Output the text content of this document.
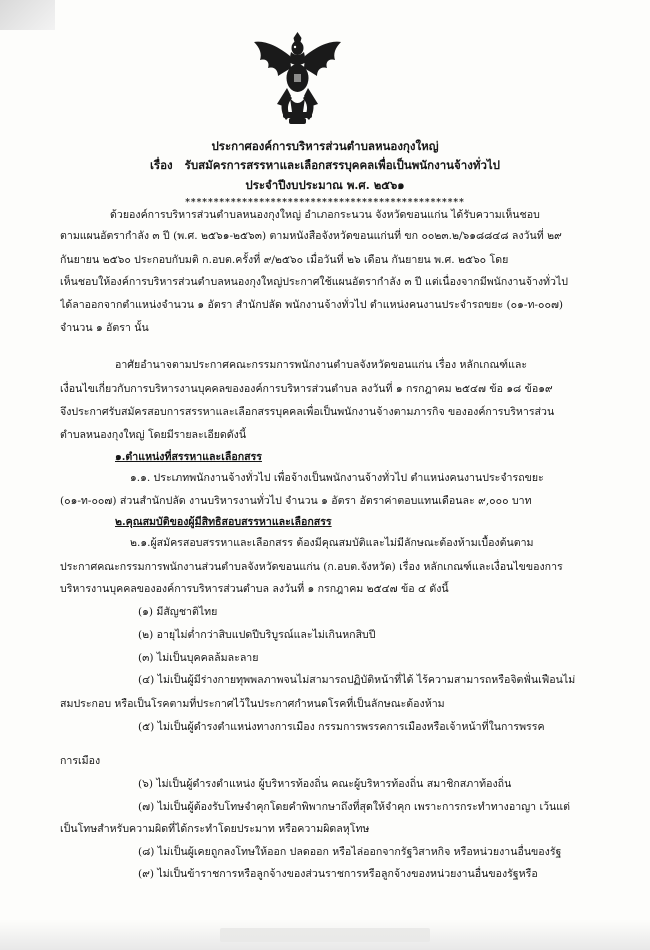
ประกาศองค์การบริหารส่วนตำบลหนองกุงใหญ่
เรื่อง รับสมัครการสรรหาและเลือกสรรบุคคลเพื่อเป็นพนักงานจ้างทั่วไป
ประจำปีงบประมาณ พ.ศ. ๒๕๖๑
*************************************************
ด้วยองค์การบริหารส่วนตำบลหนองกุงใหญ่ อำเภอกระนวน จังหวัดขอนแก่น ได้รับความเห็นชอบ
ตามแผนอัตรากำลัง ๓ ปี (พ.ศ. ๒๕๖๑-๒๕๖๓) ตามหนังสือจังหวัดขอนแก่นที่ ขก ๐๐๒๓.๒/๖๑๘๘๔๘ ลงวันที่ ๒๙
กันยายน ๒๕๖๐ ประกอบกับมติ ก.อบต.ครั้งที่ ๙/๒๕๖๐ เมื่อวันที่ ๒๖ เดือน กันยายน พ.ศ. ๒๕๖๐ โดย
เห็นชอบให้องค์การบริหารส่วนตำบลหนองกุงใหญ่ประกาศใช้แผนอัตรากำลัง ๓ ปี แต่เนื่องจากมีพนักงานจ้างทั่วไป
ได้ลาออกจากตำแหน่งจำนวน ๑ อัตรา สำนักปลัด พนักงานจ้างทั่วไป ตำแหน่งคนงานประจำรถขยะ (๐๑-ท-๐๐๗)
จำนวน ๑ อัตรา นั้น
อาศัยอำนาจตามประกาศคณะกรรมการพนักงานตำบลจังหวัดขอนแก่น เรื่อง หลักเกณฑ์และ
เงื่อนไขเกี่ยวกับการบริหารงานบุคคลขององค์การบริหารส่วนตำบล ลงวันที่ ๑ กรกฎาคม ๒๕๔๗ ข้อ ๑๘ ข้อ๑๙
จึงประกาศรับสมัครสอบการสรรหาและเลือกสรรบุคคลเพื่อเป็นพนักงานจ้างตามภารกิจ ขององค์การบริหารส่วน
ตำบลหนองกุงใหญ่ โดยมีรายละเอียดดังนี้
๑.ตำแหน่งที่สรรหาและเลือกสรร
๑.๑. ประเภทพนักงานจ้างทั่วไป เพื่อจ้างเป็นพนักงานจ้างทั่วไป ตำแหน่งคนงานประจำรถขยะ
(๐๑-ท-๐๐๗) ส่วนสำนักปลัด งานบริหารงานทั่วไป จำนวน ๑ อัตรา อัตราค่าตอบแทนเดือนละ ๙,๐๐๐ บาท
๒.คุณสมบัติของผู้มีสิทธิสอบสรรหาและเลือกสรร
๒.๑.ผู้สมัครสอบสรรหาและเลือกสรร ต้องมีคุณสมบัติและไม่มีลักษณะต้องห้ามเบื้องต้นตาม
ประกาศคณะกรรมการพนักงานส่วนตำบลจังหวัดขอนแก่น (ก.อบต.จังหวัด) เรื่อง หลักเกณฑ์และเงื่อนไขของการ
บริหารงานบุคคลขององค์การบริหารส่วนตำบล ลงวันที่ ๑ กรกฎาคม ๒๕๔๗ ข้อ ๔ ดังนี้
(๑) มีสัญชาติไทย
(๒) อายุไม่ต่ำกว่าสิบแปดปีบริบูรณ์และไม่เกินหกสิบปี
(๓) ไม่เป็นบุคคลล้มละลาย
(๔) ไม่เป็นผู้มีร่างกายทุพพลภาพจนไม่สามารถปฏิบัติหน้าที่ได้ ไร้ความสามารถหรือจิตฟั่นเฟือนไม่
สมประกอบ หรือเป็นโรคตามที่ประกาศไว้ในประกาศกำหนดโรคที่เป็นลักษณะต้องห้าม
(๕) ไม่เป็นผู้ดำรงตำแหน่งทางการเมือง กรรมการพรรคการเมืองหรือเจ้าหน้าที่ในการพรรค
การเมือง
(๖) ไม่เป็นผู้ดำรงตำแหน่ง ผู้บริหารท้องถิ่น คณะผู้บริหารท้องถิ่น สมาชิกสภาท้องถิ่น
(๗) ไม่เป็นผู้ต้องรับโทษจำคุกโดยคำพิพากษาถึงที่สุดให้จำคุก เพราะการกระทำทางอาญา เว้นแต่
เป็นโทษสำหรับความผิดที่ได้กระทำโดยประมาท หรือความผิดลหุโทษ
(๘) ไม่เป็นผู้เคยถูกลงโทษให้ออก ปลดออก หรือไล่ออกจากรัฐวิสาหกิจ หรือหน่วยงานอื่นของรัฐ
(๙) ไม่เป็นข้าราชการหรือลูกจ้างของส่วนราชการหรือลูกจ้างของหน่วยงานอื่นของรัฐหรือ
